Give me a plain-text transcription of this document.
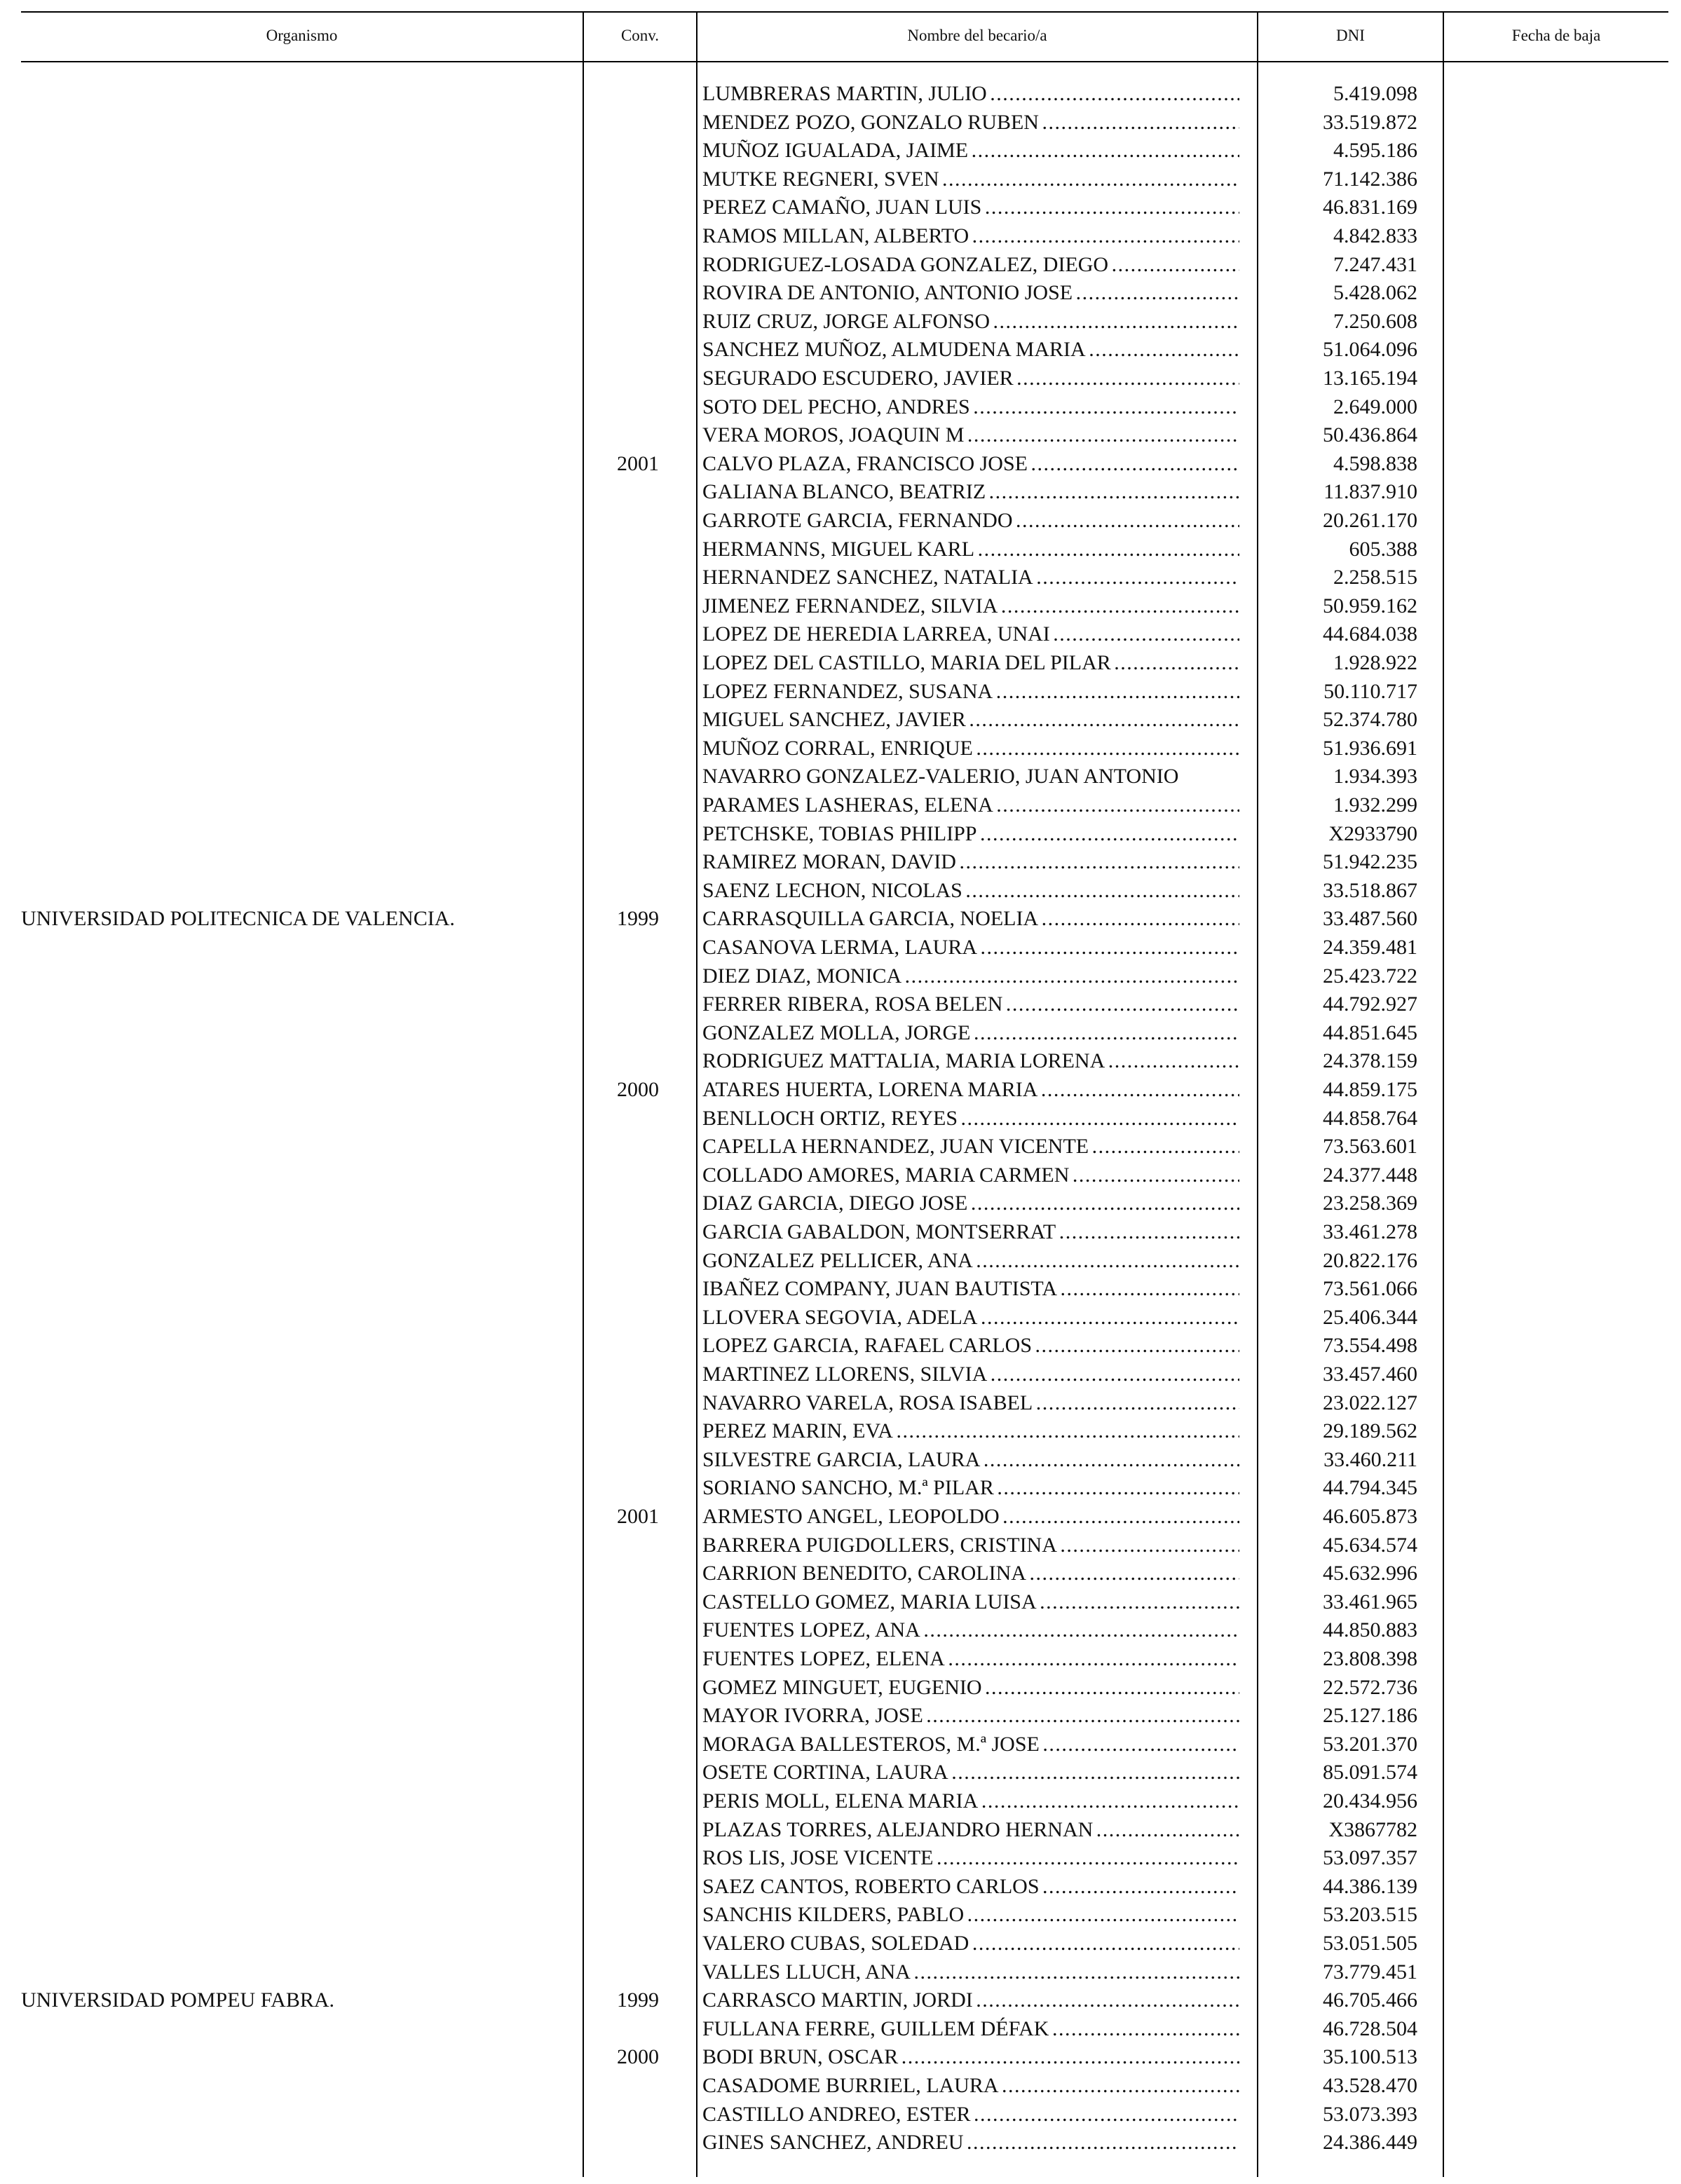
Organismo	Conv.	Nombre del becario/a	DNI	Fecha de baja
LUMBRERAS MARTIN, JULIO . . .	5.419.098
MENDEZ POZO, GONZALO RUBEN . . .	33.519.872
MUÑOZ IGUALADA, JAIME . . .	4.595.186
MUTKE REGNERI, SVEN . . .	71.142.386
PEREZ CAMAÑO, JUAN LUIS . . .	46.831.169
RAMOS MILLAN, ALBERTO . . .	4.842.833
RODRIGUEZ-LOSADA GONZALEZ, DIEGO . . .	7.247.431
ROVIRA DE ANTONIO, ANTONIO JOSE . . .	5.428.062
RUIZ CRUZ, JORGE ALFONSO . . .	7.250.608
SANCHEZ MUÑOZ, ALMUDENA MARIA . . .	51.064.096
SEGURADO ESCUDERO, JAVIER . . .	13.165.194
SOTO DEL PECHO, ANDRES . . .	2.649.000
VERA MOROS, JOAQUIN M . . .	50.436.864
2001	CALVO PLAZA, FRANCISCO JOSE . . .	4.598.838
GALIANA BLANCO, BEATRIZ . . .	11.837.910
GARROTE GARCIA, FERNANDO . . .	20.261.170
HERMANNS, MIGUEL KARL . . .	605.388
HERNANDEZ SANCHEZ, NATALIA . . .	2.258.515
JIMENEZ FERNANDEZ, SILVIA . . .	50.959.162
LOPEZ DE HEREDIA LARREA, UNAI . . .	44.684.038
LOPEZ DEL CASTILLO, MARIA DEL PILAR . . .	1.928.922
LOPEZ FERNANDEZ, SUSANA . . .	50.110.717
MIGUEL SANCHEZ, JAVIER . . .	52.374.780
MUÑOZ CORRAL, ENRIQUE . . .	51.936.691
NAVARRO GONZALEZ-VALERIO, JUAN ANTONIO	1.934.393
PARAMES LASHERAS, ELENA . . .	1.932.299
PETCHSKE, TOBIAS PHILIPP . . .	X2933790
RAMIREZ MORAN, DAVID . . .	51.942.235
SAENZ LECHON, NICOLAS . . .	33.518.867
UNIVERSIDAD POLITECNICA DE VALENCIA.	1999	CARRASQUILLA GARCIA, NOELIA . . .	33.487.560
CASANOVA LERMA, LAURA . . .	24.359.481
DIEZ DIAZ, MONICA . . .	25.423.722
FERRER RIBERA, ROSA BELEN . . .	44.792.927
GONZALEZ MOLLA, JORGE . . .	44.851.645
RODRIGUEZ MATTALIA, MARIA LORENA . . .	24.378.159
2000	ATARES HUERTA, LORENA MARIA . . .	44.859.175
BENLLOCH ORTIZ, REYES . . .	44.858.764
CAPELLA HERNANDEZ, JUAN VICENTE . . .	73.563.601
COLLADO AMORES, MARIA CARMEN . . .	24.377.448
DIAZ GARCIA, DIEGO JOSE . . .	23.258.369
GARCIA GABALDON, MONTSERRAT . . .	33.461.278
GONZALEZ PELLICER, ANA . . .	20.822.176
IBAÑEZ COMPANY, JUAN BAUTISTA . . .	73.561.066
LLOVERA SEGOVIA, ADELA . . .	25.406.344
LOPEZ GARCIA, RAFAEL CARLOS . . .	73.554.498
MARTINEZ LLORENS, SILVIA . . .	33.457.460
NAVARRO VARELA, ROSA ISABEL . . .	23.022.127
PEREZ MARIN, EVA . . .	29.189.562
SILVESTRE GARCIA, LAURA . . .	33.460.211
SORIANO SANCHO, M.ª PILAR . . .	44.794.345
2001	ARMESTO ANGEL, LEOPOLDO . . .	46.605.873
BARRERA PUIGDOLLERS, CRISTINA . . .	45.634.574
CARRION BENEDITO, CAROLINA . . .	45.632.996
CASTELLO GOMEZ, MARIA LUISA . . .	33.461.965
FUENTES LOPEZ, ANA . . .	44.850.883
FUENTES LOPEZ, ELENA . . .	23.808.398
GOMEZ MINGUET, EUGENIO . . .	22.572.736
MAYOR IVORRA, JOSE . . .	25.127.186
MORAGA BALLESTEROS, M.ª JOSE . . .	53.201.370
OSETE CORTINA, LAURA . . .	85.091.574
PERIS MOLL, ELENA MARIA . . .	20.434.956
PLAZAS TORRES, ALEJANDRO HERNAN . . .	X3867782
ROS LIS, JOSE VICENTE . . .	53.097.357
SAEZ CANTOS, ROBERTO CARLOS . . .	44.386.139
SANCHIS KILDERS, PABLO . . .	53.203.515
VALERO CUBAS, SOLEDAD . . .	53.051.505
VALLES LLUCH, ANA . . .	73.779.451
UNIVERSIDAD POMPEU FABRA.	1999	CARRASCO MARTIN, JORDI . . .	46.705.466
FULLANA FERRE, GUILLEM DÉFAK . . .	46.728.504
2000	BODI BRUN, OSCAR . . .	35.100.513
CASADOME BURRIEL, LAURA . . .	43.528.470
CASTILLO ANDREO, ESTER . . .	53.073.393
GINES SANCHEZ, ANDREU . . .	24.386.449
